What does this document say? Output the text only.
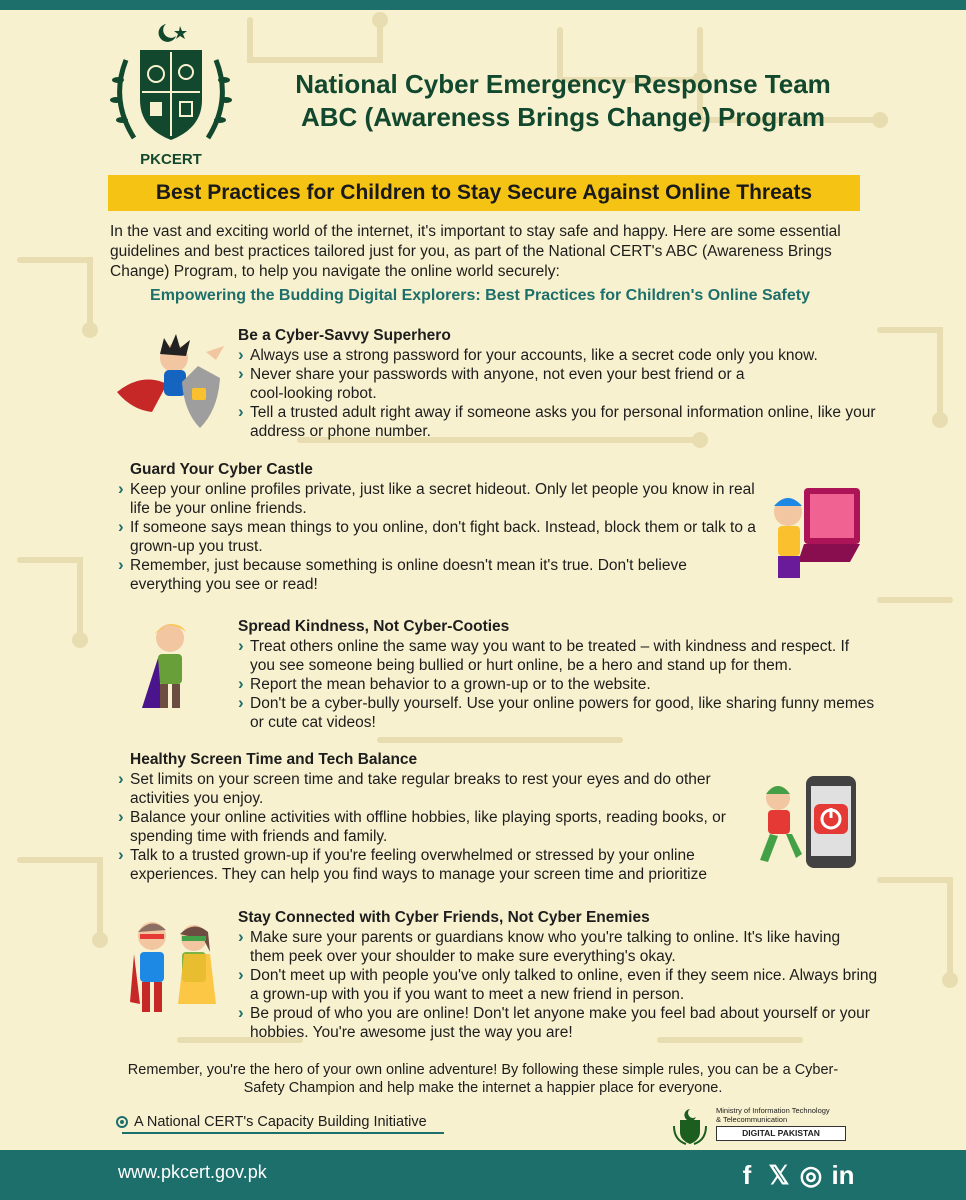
PKCERT
National Cyber Emergency Response Team
ABC (Awareness Brings Change) Program
Best Practices for Children to Stay Secure Against Online Threats
In the vast and exciting world of the internet, it's important to stay safe and happy. Here are some essential guidelines and best practices tailored just for you, as part of the National CERT's ABC (Awareness Brings Change) Program, to help you navigate the online world securely:
Empowering the Budding Digital Explorers: Best Practices for Children's Online Safety
Be a Cyber-Savvy Superhero
› Always use a strong password for your accounts, like a secret code only you know.
› Never share your passwords with anyone, not even your best friend or a cool-looking robot.
› Tell a trusted adult right away if someone asks you for personal information online, like your address or phone number.
Guard Your Cyber Castle
› Keep your online profiles private, just like a secret hideout. Only let people you know in real life be your online friends.
› If someone says mean things to you online, don't fight back. Instead, block them or talk to a grown-up you trust.
› Remember, just because something is online doesn't mean it's true. Don't believe everything you see or read!
Spread Kindness, Not Cyber-Cooties
› Treat others online the same way you want to be treated – with kindness and respect. If you see someone being bullied or hurt online, be a hero and stand up for them.
› Report the mean behavior to a grown-up or to the website.
› Don't be a cyber-bully yourself. Use your online powers for good, like sharing funny memes or cute cat videos!
Healthy Screen Time and Tech Balance
› Set limits on your screen time and take regular breaks to rest your eyes and do other activities you enjoy.
› Balance your online activities with offline hobbies, like playing sports, reading books, or spending time with friends and family.
› Talk to a trusted grown-up if you're feeling overwhelmed or stressed by your online experiences. They can help you find ways to manage your screen time and prioritize
Stay Connected with Cyber Friends, Not Cyber Enemies
› Make sure your parents or guardians know who you're talking to online. It's like having them peek over your shoulder to make sure everything's okay.
› Don't meet up with people you've only talked to online, even if they seem nice. Always bring a grown-up with you if you want to meet a new friend in person.
› Be proud of who you are online! Don't let anyone make you feel bad about yourself or your hobbies. You're awesome just the way you are!
Remember, you're the hero of your own online adventure! By following these simple rules, you can be a Cyber-Safety Champion and help make the internet a happier place for everyone.
A National CERT's Capacity Building Initiative
Ministry of Information Technology
& Telecommunication
DIGITAL PAKISTAN
www.pkcert.gov.pk	f 𝕏 ◎ in
